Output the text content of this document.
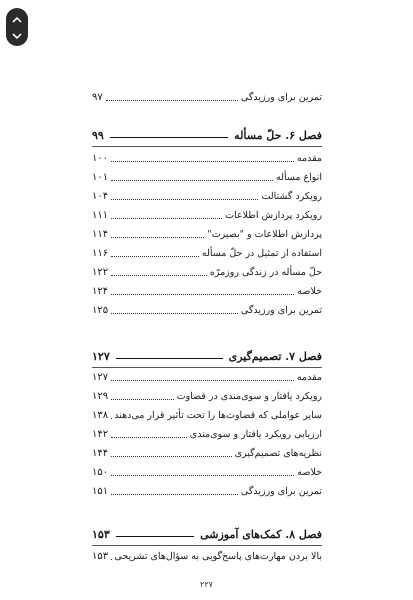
تمرین برای ورزیدگی
۹۷
فصل ۶. حلّ مسأله
۹۹
مقدمه
۱۰۰
انواع مسأله
۱۰۱
رویکرد گشتالت
۱۰۴
رویکرد پردازش اطلاعات
۱۱۱
پردازش اطلاعات و "بصیرت"
۱۱۴
استفاده از تمثیل در حلّ مسأله
۱۱۶
حلّ مسأله در زندگی روزمرّه
۱۲۲
خلاصه
۱۲۴
تمرین برای ورزیدگی
۱۲۵
فصل ۷. تصمیم‌گیری
۱۲۷
مقدمه
۱۲۷
رویکرد یافتار و سوی‌مندی در قضاوت
۱۲۹
سایر عواملی که قضاوت‌ها را تحت تأثیر قرار می‌دهند
۱۳۸
ارزیابی رویکرد یافتار و سوی‌مندی
۱۴۲
نظریه‌های تصمیم‌گیری
۱۴۴
خلاصه
۱۵۰
تمرین برای ورزیدگی
۱۵۱
فصل ۸. کمک‌های آموزشی
۱۵۳
بالا بردن مهارت‌های پاسخ‌گویی به سؤال‌های تشریحی
۱۵۳
۲۲۷
